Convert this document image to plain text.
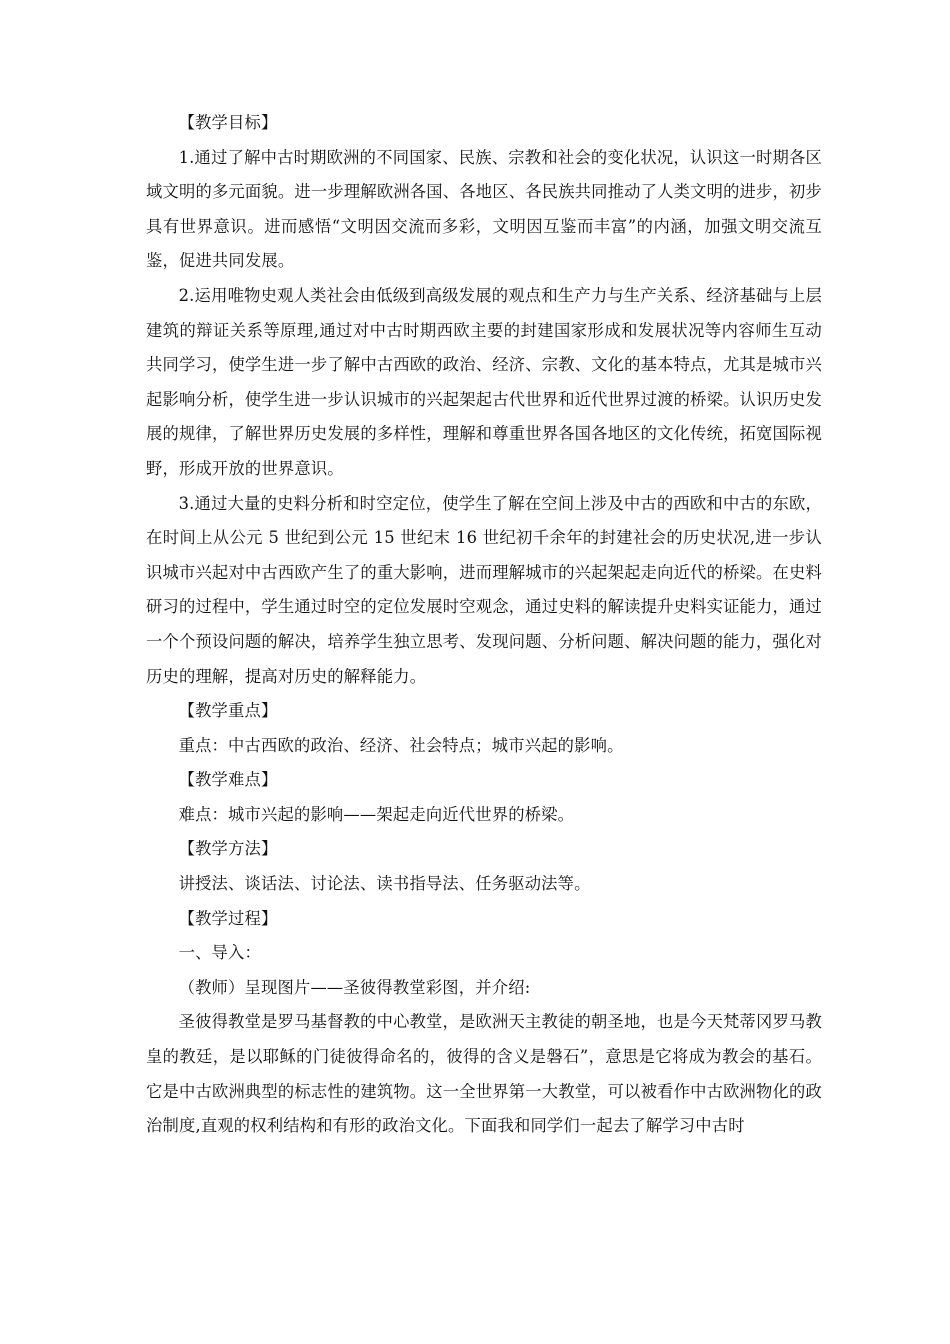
【教学目标】

1.通过了解中古时期欧洲的不同国家、民族、宗教和社会的变化状况，认识这一时期各区域文明的多元面貌。进一步理解欧洲各国、各地区、各民族共同推动了人类文明的进步，初步具有世界意识。进而感悟“文明因交流而多彩，文明因互鉴而丰富”的内涵，加强文明交流互鉴，促进共同发展。

2.运用唯物史观人类社会由低级到高级发展的观点和生产力与生产关系、经济基础与上层建筑的辩证关系等原理,通过对中古时期西欧主要的封建国家形成和发展状况等内容师生互动共同学习，使学生进一步了解中古西欧的政治、经济、宗教、文化的基本特点，尤其是城市兴起影响分析，使学生进一步认识城市的兴起架起古代世界和近代世界过渡的桥梁。认识历史发展的规律，了解世界历史发展的多样性，理解和尊重世界各国各地区的文化传统，拓宽国际视野，形成开放的世界意识。

3.通过大量的史料分析和时空定位，使学生了解在空间上涉及中古的西欧和中古的东欧，在时间上从公元 5 世纪到公元 15 世纪末 16 世纪初千余年的封建社会的历史状况,进一步认识城市兴起对中古西欧产生了的重大影响，进而理解城市的兴起架起走向近代的桥梁。在史料研习的过程中，学生通过时空的定位发展时空观念，通过史料的解读提升史料实证能力，通过一个个预设问题的解决，培养学生独立思考、发现问题、分析问题、解决问题的能力，强化对历史的理解，提高对历史的解释能力。

【教学重点】

重点：中古西欧的政治、经济、社会特点；城市兴起的影响。

【教学难点】

难点：城市兴起的影响——架起走向近代世界的桥梁。

【教学方法】

讲授法、谈话法、讨论法、读书指导法、任务驱动法等。

【教学过程】

一、导入：

（教师）呈现图片——圣彼得教堂彩图，并介绍:

圣彼得教堂是罗马基督教的中心教堂，是欧洲天主教徒的朝圣地，也是今天梵蒂冈罗马教皇的教廷，是以耶稣的门徒彼得命名的，彼得的含义是磐石”，意思是它将成为教会的基石。它是中古欧洲典型的标志性的建筑物。这一全世界第一大教堂，可以被看作中古欧洲物化的政治制度,直观的权利结构和有形的政治文化。下面我和同学们一起去了解学习中古时
